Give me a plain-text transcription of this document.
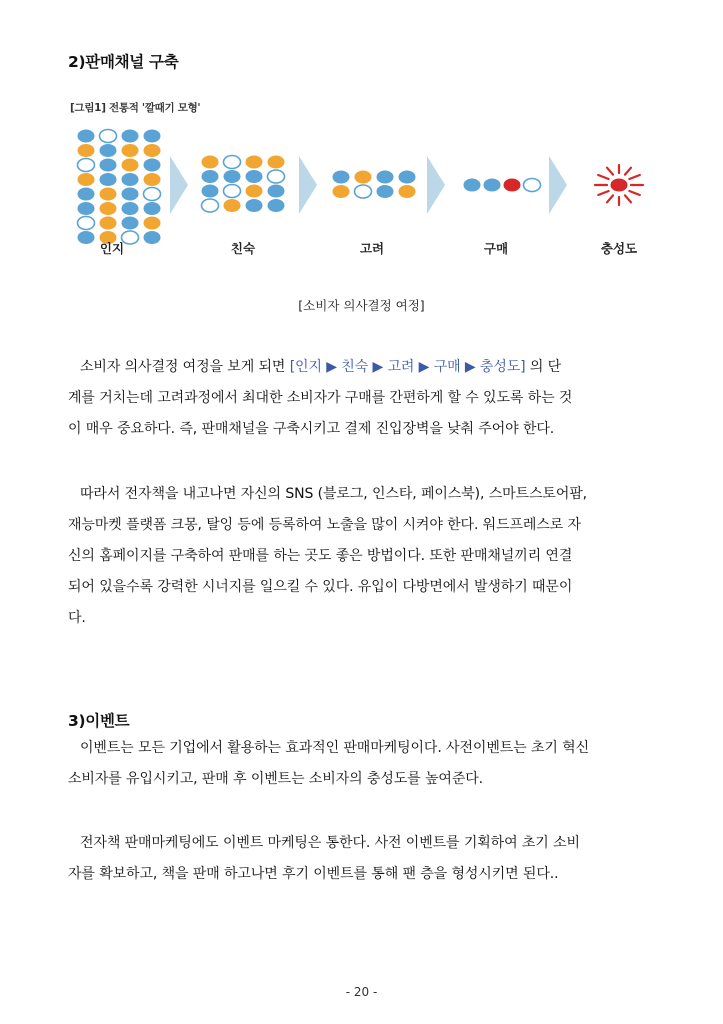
2)판매채널 구축
[그림1] 전통적 '깔때기 모형'
인지	친숙	고려	구매	충성도
[소비자 의사결정 여정]
소비자 의사결정 여정을 보게 되면 [인지 ▶ 친숙 ▶ 고려 ▶ 구매 ▶ 충성도] 의 단
계를 거치는데 고려과정에서 최대한 소비자가 구매를 간편하게 할 수 있도록 하는 것
이 매우 중요하다. 즉, 판매채널을 구축시키고 결제 진입장벽을 낮춰 주어야 한다.
따라서 전자책을 내고나면 자신의 SNS (블로그, 인스타, 페이스북), 스마트스토어팜,
재능마켓 플랫폼 크몽, 탈잉 등에 등록하여 노출을 많이 시켜야 한다. 워드프레스로 자
신의 홈페이지를 구축하여 판매를 하는 곳도 좋은 방법이다. 또한 판매채널끼리 연결
되어 있을수록 강력한 시너지를 일으킬 수 있다. 유입이 다방면에서 발생하기 때문이
다.
3)이벤트
이벤트는 모든 기업에서 활용하는 효과적인 판매마케팅이다. 사전이벤트는 초기 혁신
소비자를 유입시키고, 판매 후 이벤트는 소비자의 충성도를 높여준다.
전자책 판매마케팅에도 이벤트 마케팅은 통한다. 사전 이벤트를 기획하여 초기 소비
자를 확보하고, 책을 판매 하고나면 후기 이벤트를 통해 팬 층을 형성시키면 된다..
- 20 -
